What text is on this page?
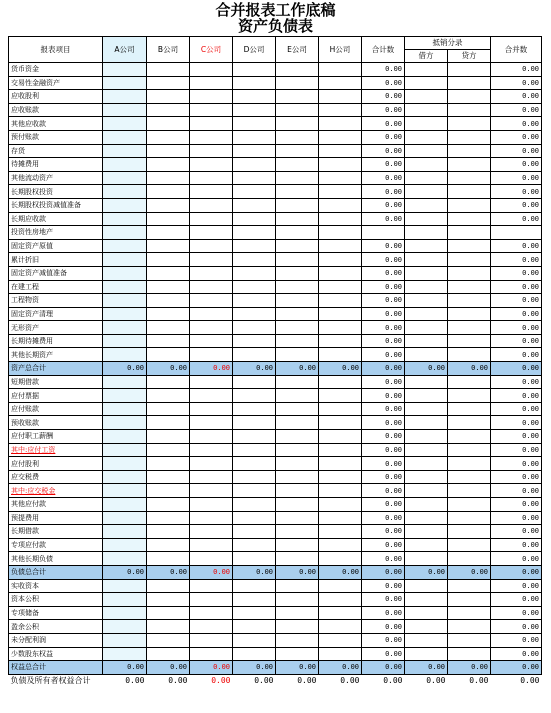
合并报表工作底稿
资产负债表
报表项目	A公司	B公司	C公司	D公司	E公司	H公司	合计数	抵销分录		合并数
								借方	贷方	
货币资金							0.00			0.00
交易性金融资产							0.00			0.00
应收股利							0.00			0.00
应收账款							0.00			0.00
其他应收款							0.00			0.00
预付账款							0.00			0.00
存货							0.00			0.00
待摊费用							0.00			0.00
其他流动资产							0.00			0.00
长期股权投资							0.00			0.00
长期股权投资减值准备							0.00			0.00
长期应收款							0.00			0.00
投资性房地产										
固定资产原值							0.00			0.00
累计折旧							0.00			0.00
固定资产减值准备							0.00			0.00
在建工程							0.00			0.00
工程物资							0.00			0.00
固定资产清理							0.00			0.00
无形资产							0.00			0.00
长期待摊费用							0.00			0.00
其他长期资产							0.00			0.00
资产总合计	0.00	0.00	0.00	0.00	0.00	0.00	0.00	0.00	0.00	0.00
短期借款							0.00			0.00
应付票据							0.00			0.00
应付账款							0.00			0.00
预收账款							0.00			0.00
应付职工薪酬							0.00			0.00
其中:应付工资							0.00			0.00
应付股利							0.00			0.00
应交税费							0.00			0.00
其中:应交税金							0.00			0.00
其他应付款							0.00			0.00
预提费用							0.00			0.00
长期借款							0.00			0.00
专项应付款							0.00			0.00
其他长期负债							0.00			0.00
负债总合计	0.00	0.00	0.00	0.00	0.00	0.00	0.00	0.00	0.00	0.00
实收资本							0.00			0.00
资本公积							0.00			0.00
专项储备							0.00			0.00
盈余公积							0.00			0.00
未分配利润							0.00			0.00
少数股东权益							0.00			0.00
权益总合计	0.00	0.00	0.00	0.00	0.00	0.00	0.00	0.00	0.00	0.00
负债及所有者权益合计	0.00	0.00	0.00	0.00	0.00	0.00	0.00	0.00	0.00	0.00
